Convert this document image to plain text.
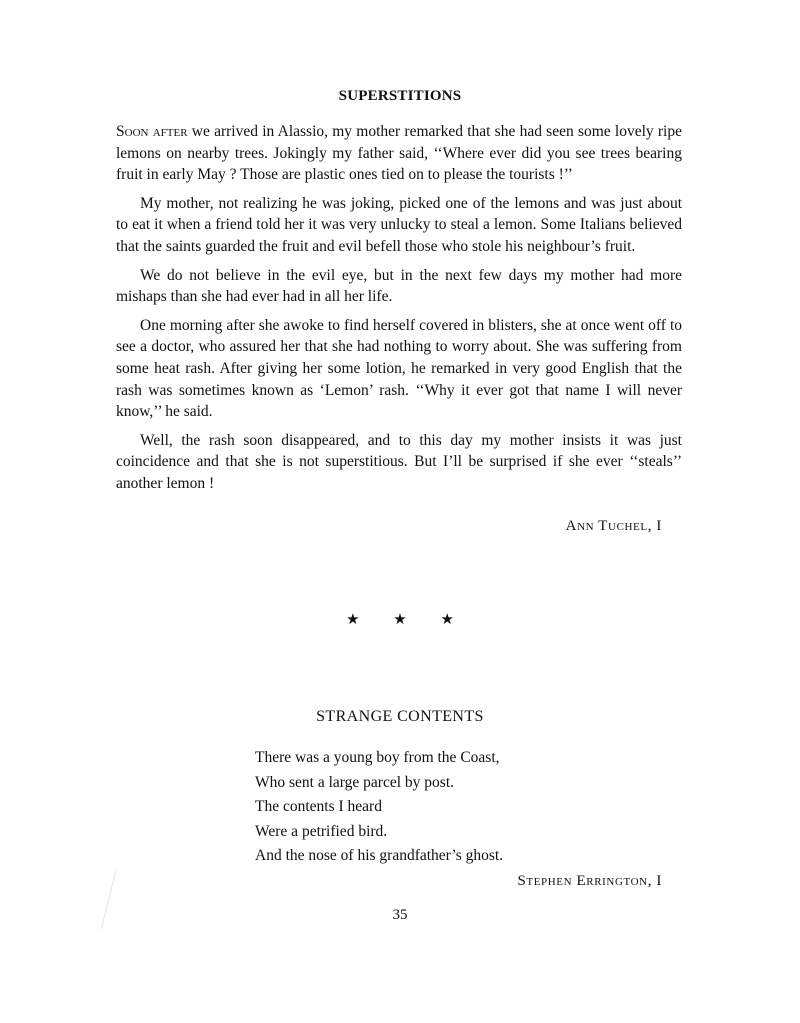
SUPERSTITIONS

Soon after we arrived in Alassio, my mother remarked that she had seen some lovely ripe lemons on nearby trees. Jokingly my father said, ‘‘Where ever did you see trees bearing fruit in early May ? Those are plastic ones tied on to please the tourists !’’

My mother, not realizing he was joking, picked one of the lemons and was just about to eat it when a friend told her it was very unlucky to steal a lemon. Some Italians believed that the saints guarded the fruit and evil befell those who stole his neighbour’s fruit.

We do not believe in the evil eye, but in the next few days my mother had more mishaps than she had ever had in all her life.

One morning after she awoke to find herself covered in blisters, she at once went off to see a doctor, who assured her that she had nothing to worry about. She was suffering from some heat rash. After giving her some lotion, he remarked in very good English that the rash was sometimes known as ‘Lemon’ rash. ‘‘Why it ever got that name I will never know,’’ he said.

Well, the rash soon disappeared, and to this day my mother insists it was just coincidence and that she is not superstitious. But I’ll be surprised if she ever ‘‘steals’’ another lemon !

Ann Tuchel, I
★ ★ ★
STRANGE CONTENTS
There was a young boy from the Coast,
Who sent a large parcel by post.
The contents I heard
Were a petrified bird.
And the nose of his grandfather’s ghost.
Stephen Errington, I
35
